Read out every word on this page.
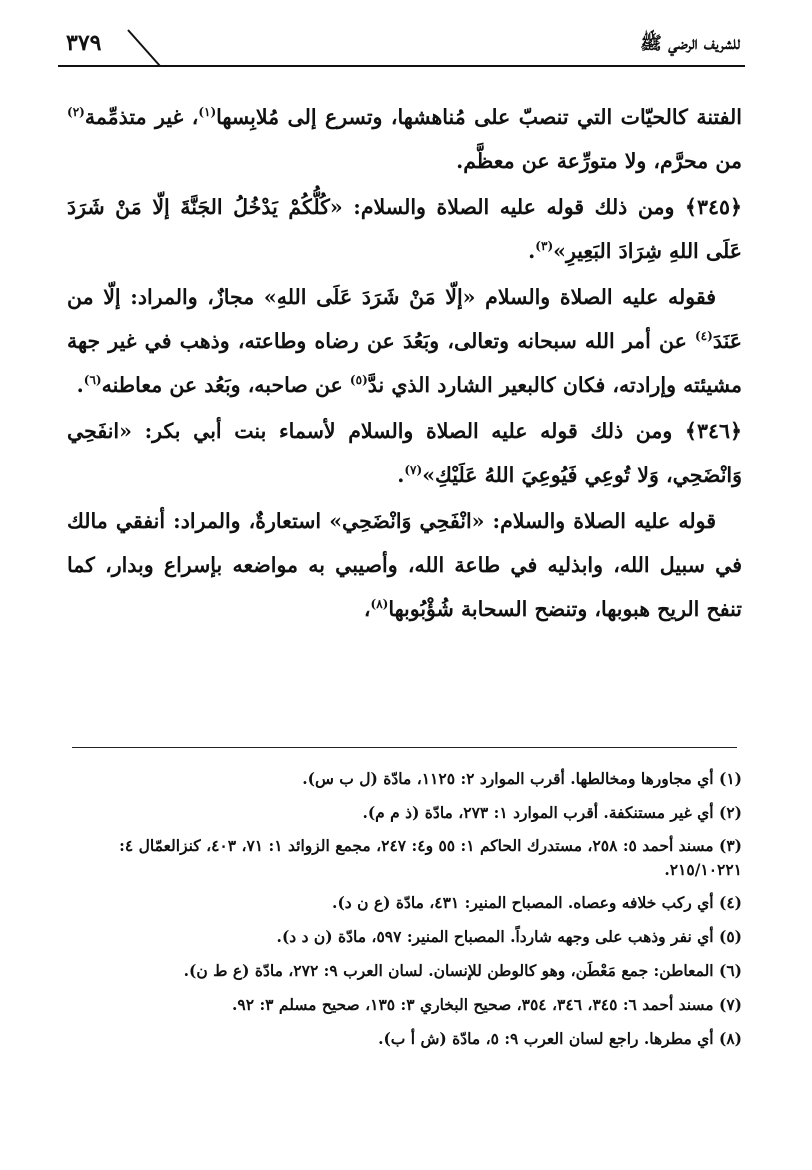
للشريف الرضي ﷺ
٣٧٩

الفتنة كالحيّات التي تنصبّ على مُناهشها، وتسرع إلى مُلابِسها$^{(١)}$، غير متذمِّمة$^{(٢)}$ من محرَّم، ولا متورِّعة عن معظَّم.

﴿٣٤٥﴾ ومن ذلك قوله عليه الصلاة والسلام: «كُلُّكُمْ يَدْخُلُ الجَنَّةَ إلّا مَنْ شَرَدَ عَلَى اللهِ شِرَادَ البَعِيرِ»$^{(٣)}$.

فقوله عليه الصلاة والسلام «إلّا مَنْ شَرَدَ عَلَى اللهِ» مجازٌ، والمراد: إلّا من عَنَدَ$^{(٤)}$ عن أمر الله سبحانه وتعالى، وبَعُدَ عن رضاه وطاعته، وذهب في غير جهة مشيئته وإرادته، فكان كالبعير الشارد الذي ندَّ$^{(٥)}$ عن صاحبه، وبَعُد عن معاطنه$^{(٦)}$.

﴿٣٤٦﴾ ومن ذلك قوله عليه الصلاة والسلام لأسماء بنت أبي بكر: «انفَحِي وَانْضَحِي، وَلا تُوعِي فَيُوعِيَ اللهُ عَلَيْكِ»$^{(٧)}$.

قوله عليه الصلاة والسلام: «انْفَحِي وَانْضَحِي» استعارةٌ، والمراد: أنفقي مالك في سبيل الله، وابذليه في طاعة الله، وأصيبي به مواضعه بإسراع وبدار، كما تنفح الريح هبوبها، وتنضح السحابة شُؤْبُوبها$^{(٨)}$،

(١) أي مجاورها ومخالطها. أقرب الموارد ٢: ١١٢٥، مادّة (ل ب س).

(٢) أي غير مستنكفة. أقرب الموارد ١: ٢٧٣، مادّة (ذ م م).

(٣) مسند أحمد ٥: ٢٥٨، مستدرك الحاكم ١: ٥٥ و٤: ٢٤٧، مجمع الزوائد ١: ٧١، ٤٠٣، كنزالعمّال ٤: ٢١٥/١٠٢٢١.

(٤) أي ركب خلافه وعصاه. المصباح المنير: ٤٣١، مادّة (ع ن د).

(٥) أي نفر وذهب على وجهه شارداً. المصباح المنير: ٥٩٧، مادّة (ن د د).

(٦) المعاطن: جمع مَعْطَن، وهو كالوطن للإنسان. لسان العرب ٩: ٢٧٢، مادّة (ع ط ن).

(٧) مسند أحمد ٦: ٣٤٥، ٣٤٦، ٣٥٤، صحيح البخاري ٣: ١٣٥، صحيح مسلم ٣: ٩٢.

(٨) أي مطرها. راجع لسان العرب ٩: ٥، مادّة (ش أ ب).
